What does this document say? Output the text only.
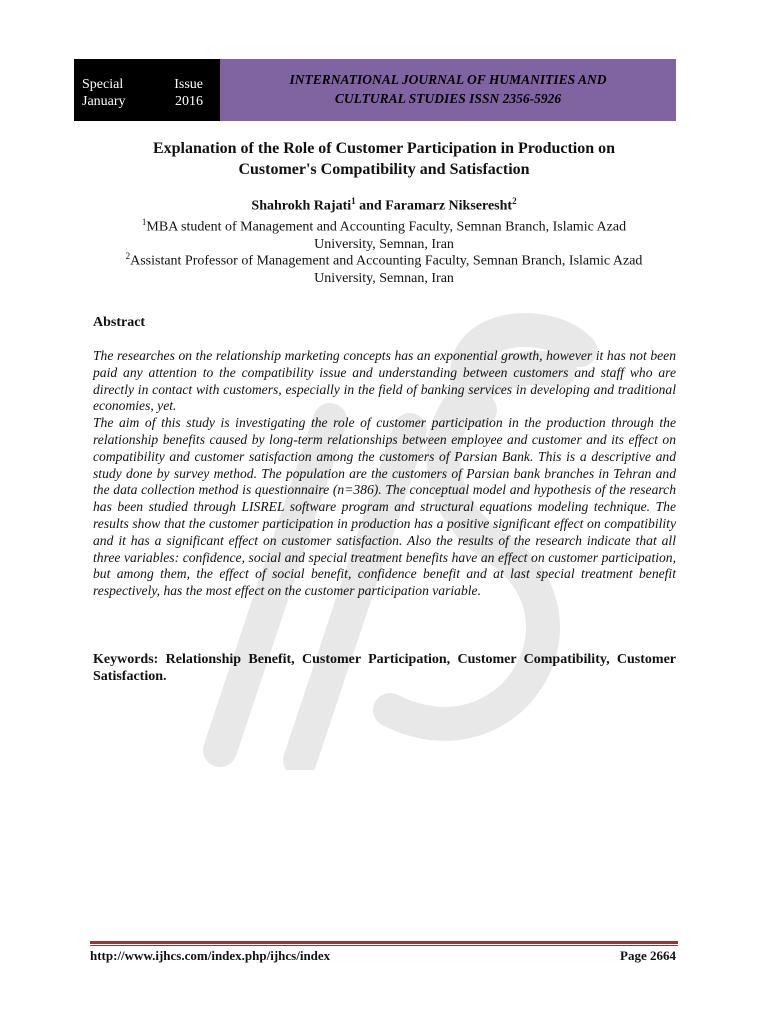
Special	Issue
January	2016
INTERNATIONAL JOURNAL OF HUMANITIES AND
CULTURAL STUDIES ISSN 2356-5926
Explanation of the Role of Customer Participation in Production on
Customer's Compatibility and Satisfaction
Shahrokh Rajati$^1$ and Faramarz Nikseresht$^2$
$^1$MBA student of Management and Accounting Faculty, Semnan Branch, Islamic Azad
University, Semnan, Iran
$^2$Assistant Professor of Management and Accounting Faculty, Semnan Branch, Islamic Azad
University, Semnan, Iran
Abstract

The researches on the relationship marketing concepts has an exponential growth, however it has not been paid any attention to the compatibility issue and understanding between customers and staff who are directly in contact with customers, especially in the field of banking services in developing and traditional economies, yet.

The aim of this study is investigating the role of customer participation in the production through the relationship benefits caused by long-term relationships between employee and customer and its effect on compatibility and customer satisfaction among the customers of Parsian Bank. This is a descriptive and study done by survey method. The population are the customers of Parsian bank branches in Tehran and the data collection method is questionnaire (n=386). The conceptual model and hypothesis of the research has been studied through LISREL software program and structural equations modeling technique. The results show that the customer participation in production has a positive significant effect on compatibility and it has a significant effect on customer satisfaction. Also the results of the research indicate that all three variables: confidence, social and special treatment benefits have an effect on customer participation, but among them, the effect of social benefit, confidence benefit and at last special treatment benefit respectively, has the most effect on the customer participation variable.

Keywords: Relationship Benefit, Customer Participation, Customer Compatibility, Customer Satisfaction.
http://www.ijhcs.com/index.php/ijhcs/index	Page 2664
